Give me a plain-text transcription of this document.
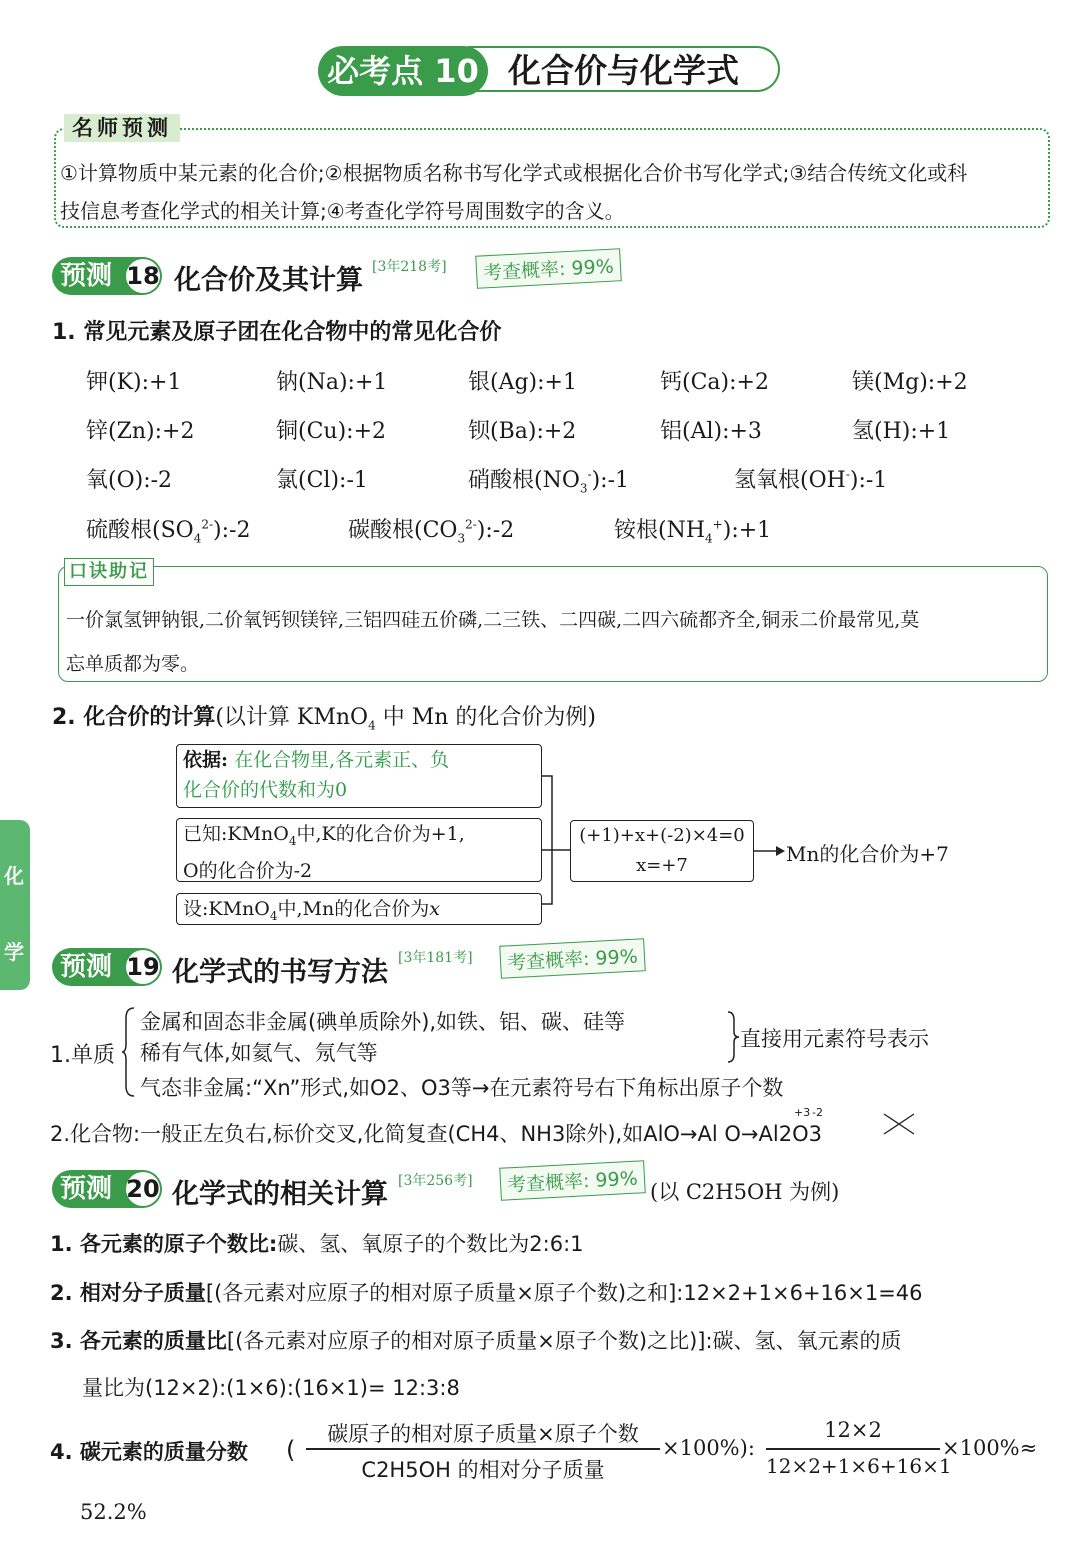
化合价与化学式
必考点 10
名师预测
①计算物质中某元素的化合价;②根据物质名称书写化学式或根据化合价书写化学式;③结合传统文化或科
技信息考查化学式的相关计算;④考查化学符号周围数字的含义。
预测 18 化合价及其计算 [3年218考]	考查概率: 99%
1. 常见元素及原子团在化合物中的常见化合价
钾(K):+1	钠(Na):+1	银(Ag):+1	钙(Ca):+2	镁(Mg):+2
锌(Zn):+2	铜(Cu):+2	钡(Ba):+2	铝(Al):+3	氢(H):+1
氧(O):-2	氯(Cl):-1	硝酸根$(NO_3^-):-1$	氢氧根(OH-):-1
硫酸根$(SO_4^{2-}):-2$	碳酸根$(CO_3^{2-}):-2$	铵根$(NH_4^+):+1$
口诀助记
一价氯氢钾钠银,二价氧钙钡镁锌,三铝四硅五价磷,二三铁、二四碳,二四六硫都齐全,铜汞二价最常见,莫
忘单质都为零。
2. 化合价的计算(以计算 KMnO$_4$ 中 Mn 的化合价为例)
依据: 在化合物里,各元素正、负
化合价的代数和为0
已知:KMnO$_4$中,K的化合价为+1,
O的化合价为-2
设:KMnO$_4$中,Mn的化合价为x
(+1)+x+(-2)×4=0
x=+7	Mn的化合价为+7
化
学 预测 19 化学式的书写方法 [3年181考]	考查概率: 99%
1.单质
金属和固态非金属(碘单质除外),如铁、铝、碳、硅等
稀有气体,如氦气、氖气等
直接用元素符号表示
气态非金属:“Xn”形式,如O2、O3等→在元素符号右下角标出原子个数
2.化合物:一般正左负右,标价交叉,化简复查(CH4、NH3除外),如AlO→Al O→Al2O3
+3 -2
预测 20 化学式的相关计算 [3年256考]	考查概率: 99% (以 C2H5OH 为例)
1. 各元素的原子个数比:碳、氢、氧原子的个数比为2:6:1
2. 相对分子质量[(各元素对应原子的相对原子质量×原子个数)之和]:12×2+1×6+16×1=46
3. 各元素的质量比[(各元素对应原子的相对原子质量×原子个数)之比)]:碳、氢、氧元素的质
量比为(12×2):(1×6):(16×1)= 12:3:8
4. 碳元素的质量分数 (
碳原子的相对原子质量×原子个数
C2H5OH 的相对分子质量
×100%):
12×2
12×2+1×6+16×1
×100%≈
52.2%
